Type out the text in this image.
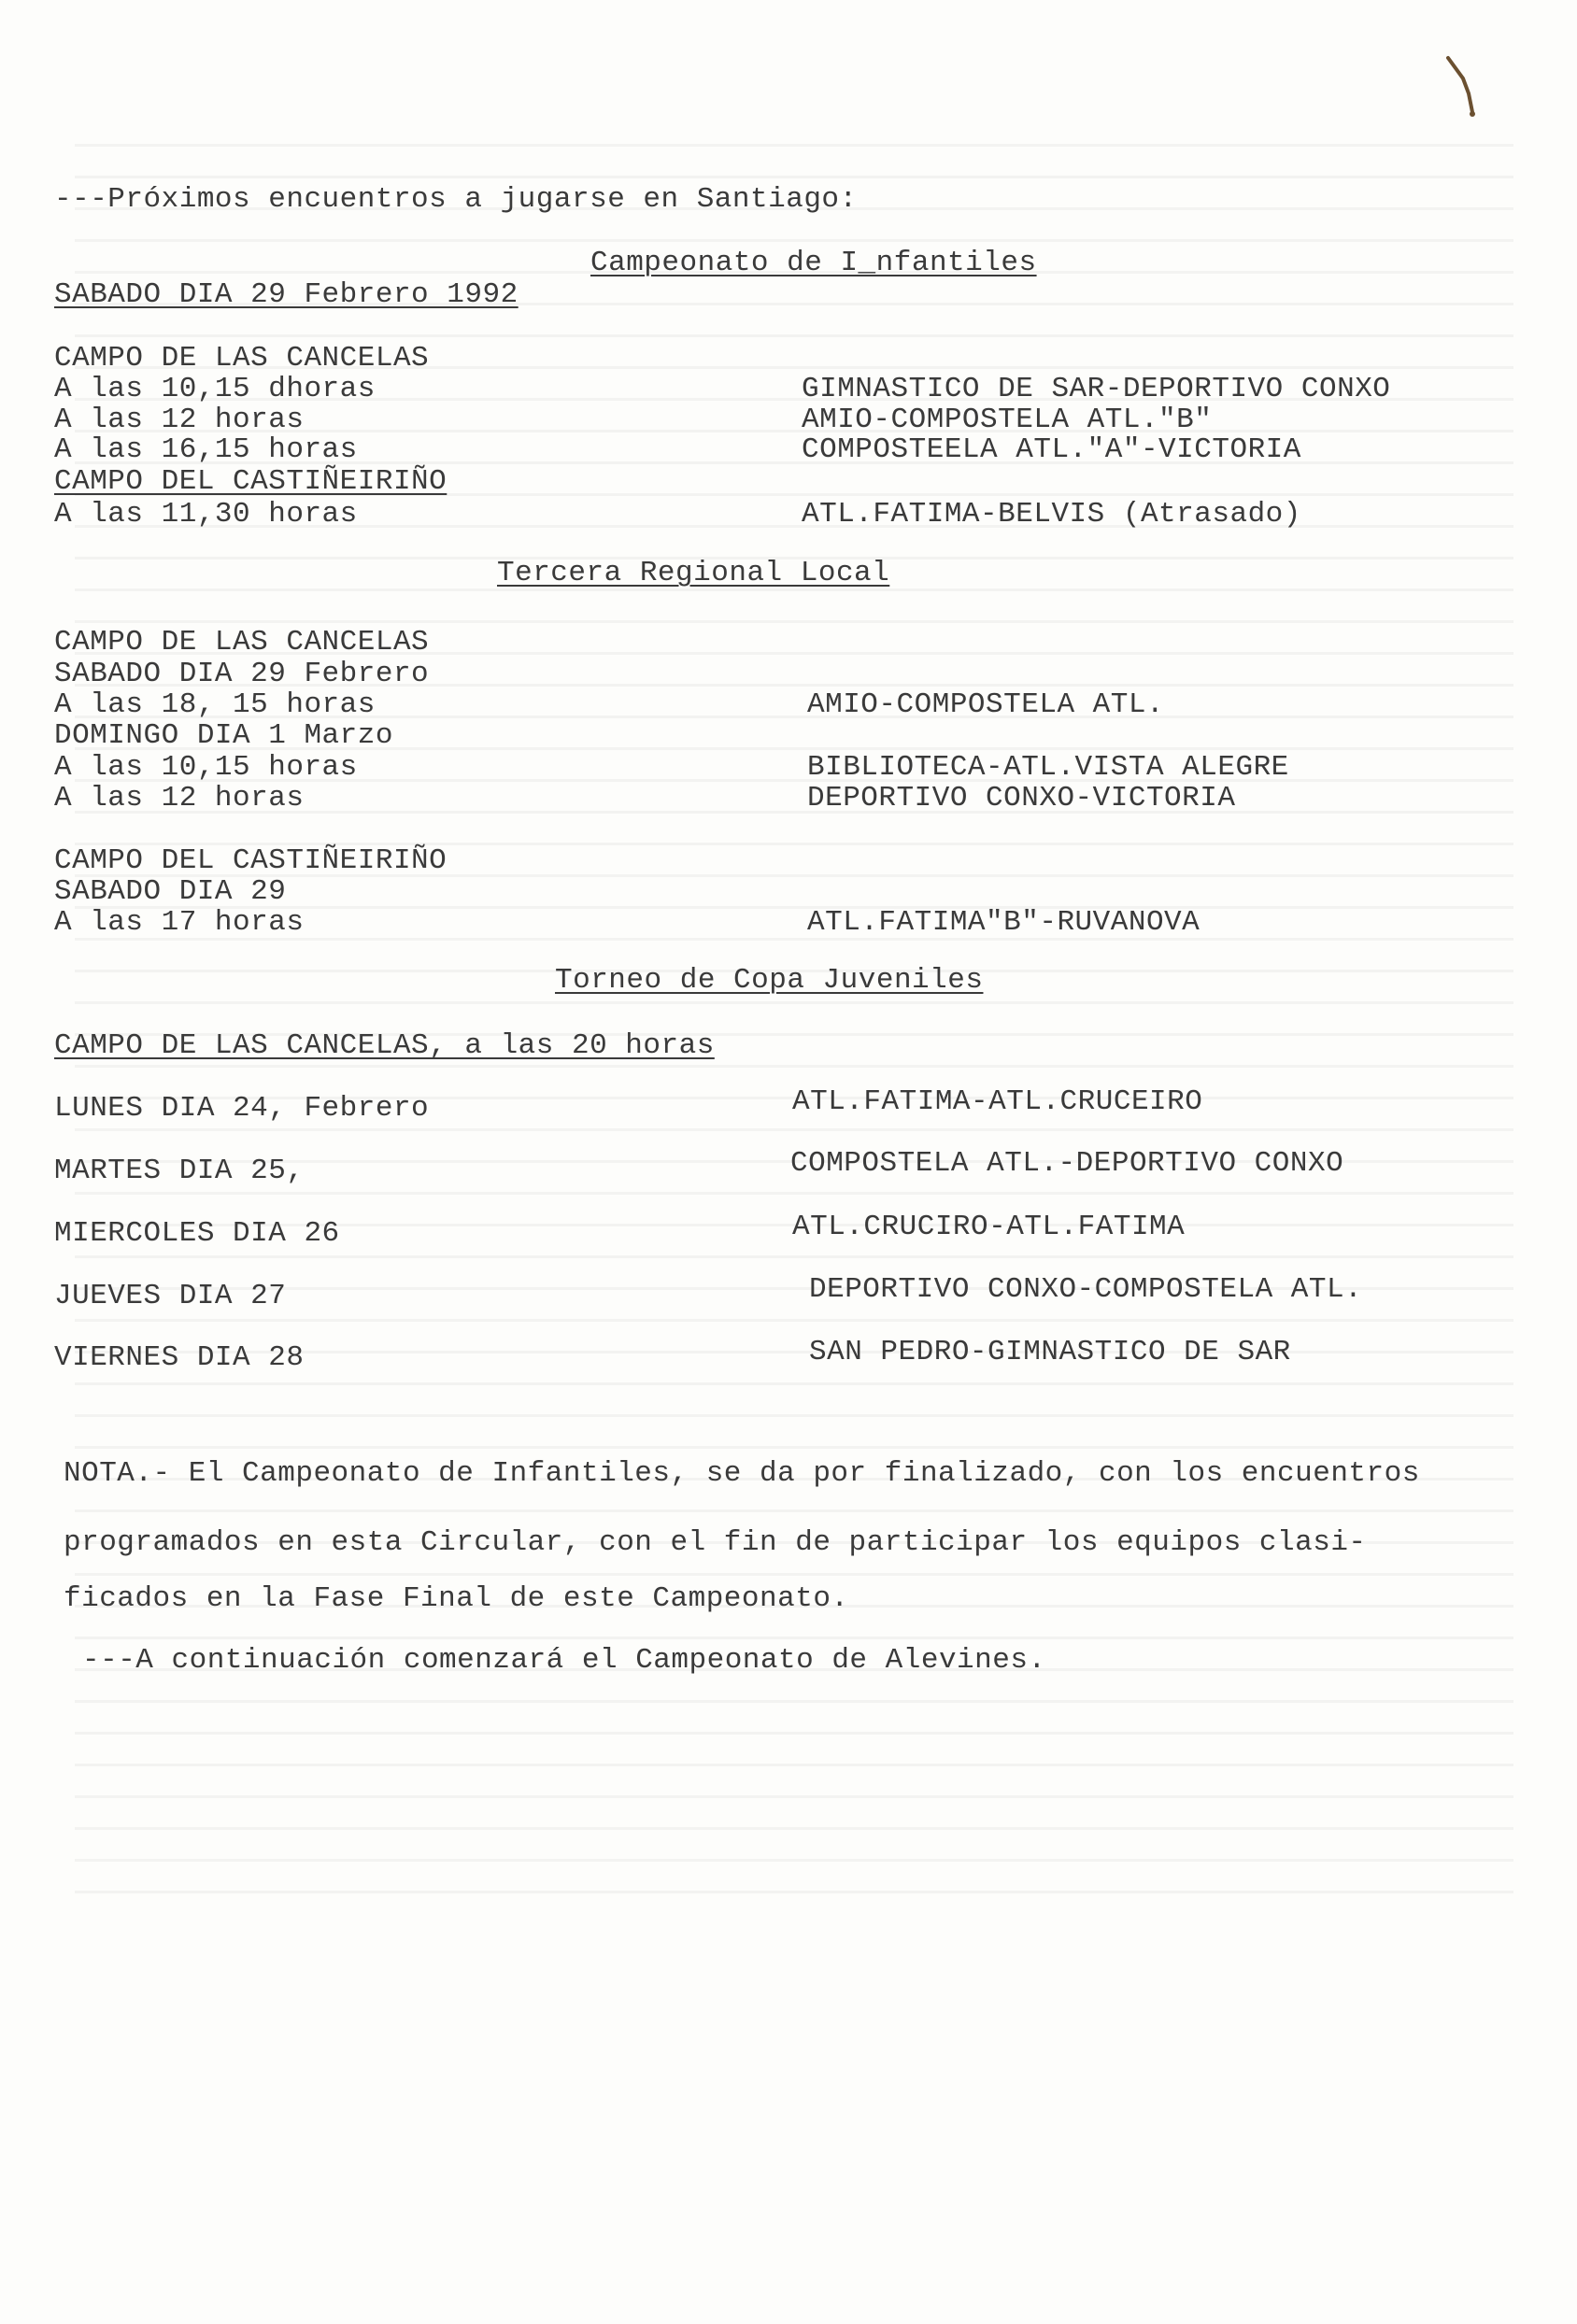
---Próximos encuentros a jugarse en Santiago:
Campeonato de I_nfantiles
SABADO DIA 29 Febrero 1992
CAMPO DE LAS CANCELAS
A las 10,15 dhoras
A las 12 horas
A las 16,15 horas
CAMPO DEL CASTIÑEIRIÑO
A las 11,30 horas
GIMNASTICO DE SAR-DEPORTIVO CONXO
AMIO-COMPOSTELA ATL."B"
COMPOSTEELA ATL."A"-VICTORIA
ATL.FATIMA-BELVIS (Atrasado)
Tercera Regional Local
CAMPO DE LAS CANCELAS
SABADO DIA 29 Febrero
A las 18, 15 horas
DOMINGO DIA 1 Marzo
A las 10,15 horas
A las 12 horas
CAMPO DEL CASTIÑEIRIÑO
SABADO DIA 29
A las 17 horas
AMIO-COMPOSTELA ATL.
BIBLIOTECA-ATL.VISTA ALEGRE
DEPORTIVO CONXO-VICTORIA
ATL.FATIMA"B"-RUVANOVA
Torneo de Copa Juveniles
CAMPO DE LAS CANCELAS, a las 20 horas
LUNES DIA 24, Febrero
MARTES DIA 25,
MIERCOLES DIA 26
JUEVES DIA 27
VIERNES DIA 28
ATL.FATIMA-ATL.CRUCEIRO
COMPOSTELA ATL.-DEPORTIVO CONXO
ATL.CRUCIRO-ATL.FATIMA
DEPORTIVO CONXO-COMPOSTELA ATL.
SAN PEDRO-GIMNASTICO DE SAR
NOTA.- El Campeonato de Infantiles, se da por finalizado, con los encuentros
programados en esta Circular, con el fin de participar los equipos clasi-
ficados en la Fase Final de este Campeonato.
---A continuación comenzará el Campeonato de Alevines.
